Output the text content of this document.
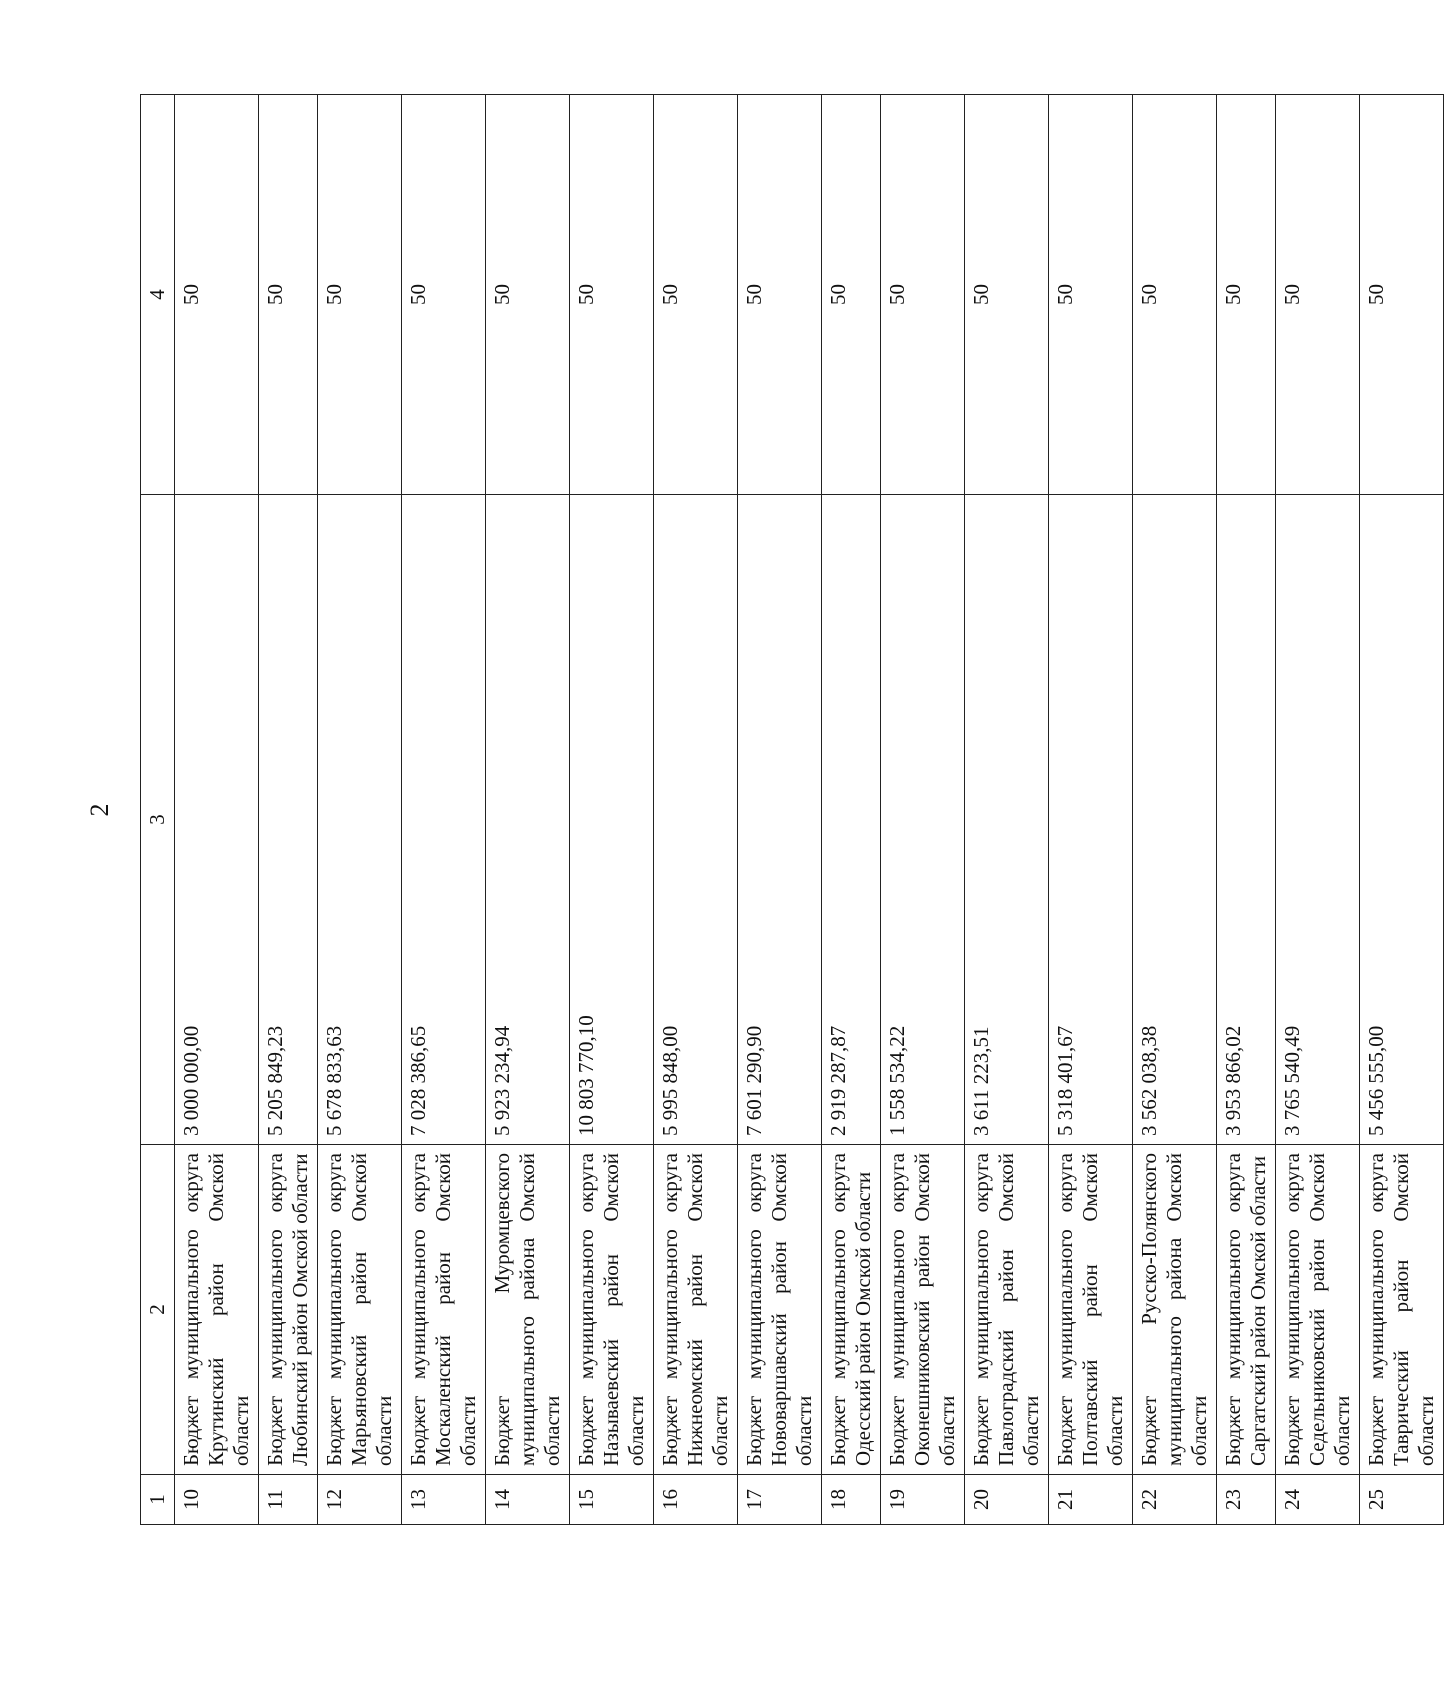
2
1	2	3	4
10	Бюджет муниципального округа Крутинский район Омской области	3 000 000,00	50
11	Бюджет муниципального округа Любинский район Омской области	5 205 849,23	50
12	Бюджет муниципального округа Марьяновский район Омской области	5 678 833,63	50
13	Бюджет муниципального округа Москаленский район Омской области	7 028 386,65	50
14	Бюджет Муромцевского муниципального района Омской области	5 923 234,94	50
15	Бюджет муниципального округа Называевский район Омской области	10 803 770,10	50
16	Бюджет муниципального округа Нижнеомский район Омской области	5 995 848,00	50
17	Бюджет муниципального округа Нововаршавский район Омской области	7 601 290,90	50
18	Бюджет муниципального округа Одесский район Омской области	2 919 287,87	50
19	Бюджет муниципального округа Оконешниковский район Омской области	1 558 534,22	50
20	Бюджет муниципального округа Павлоградский район Омской области	3 611 223,51	50
21	Бюджет муниципального округа Полтавский район Омской области	5 318 401,67	50
22	Бюджет Русско-Полянского муниципального района Омской области	3 562 038,38	50
23	Бюджет муниципального округа Саргатский район Омской области	3 953 866,02	50
24	Бюджет муниципального округа Седельниковский район Омской области	3 765 540,49	50
25	Бюджет муниципального округа Таврический район Омской области	5 456 555,00	50
